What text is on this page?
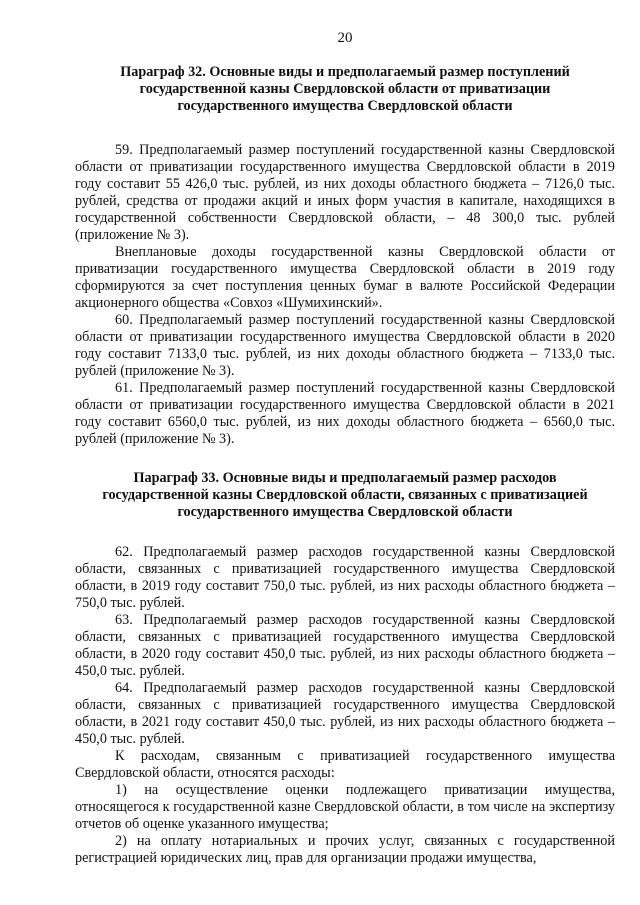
20
Параграф 32. Основные виды и предполагаемый размер поступлений государственной казны Свердловской области от приватизации государственного имущества Свердловской области

59. Предполагаемый размер поступлений государственной казны Свердловской области от приватизации государственного имущества Свердловской области в 2019 году составит 55 426,0 тыс. рублей, из них доходы областного бюджета – 7126,0 тыс. рублей, средства от продажи акций и иных форм участия в капитале, находящихся в государственной собственности Свердловской области, – 48 300,0 тыс. рублей (приложение № 3).

Внеплановые доходы государственной казны Свердловской области от приватизации государственного имущества Свердловской области в 2019 году сформируются за счет поступления ценных бумаг в валюте Российской Федерации акционерного общества «Совхоз «Шумихинский».

60. Предполагаемый размер поступлений государственной казны Свердловской области от приватизации государственного имущества Свердловской области в 2020 году составит 7133,0 тыс. рублей, из них доходы областного бюджета – 7133,0 тыс. рублей (приложение № 3).

61. Предполагаемый размер поступлений государственной казны Свердловской области от приватизации государственного имущества Свердловской области в 2021 году составит 6560,0 тыс. рублей, из них доходы областного бюджета – 6560,0 тыс. рублей (приложение № 3).

Параграф 33. Основные виды и предполагаемый размер расходов государственной казны Свердловской области, связанных с приватизацией государственного имущества Свердловской области

62. Предполагаемый размер расходов государственной казны Свердловской области, связанных с приватизацией государственного имущества Свердловской области, в 2019 году составит 750,0 тыс. рублей, из них расходы областного бюджета – 750,0 тыс. рублей.

63. Предполагаемый размер расходов государственной казны Свердловской области, связанных с приватизацией государственного имущества Свердловской области, в 2020 году составит 450,0 тыс. рублей, из них расходы областного бюджета – 450,0 тыс. рублей.

64. Предполагаемый размер расходов государственной казны Свердловской области, связанных с приватизацией государственного имущества Свердловской области, в 2021 году составит 450,0 тыс. рублей, из них расходы областного бюджета – 450,0 тыс. рублей.

К расходам, связанным с приватизацией государственного имущества Свердловской области, относятся расходы:

1) на осуществление оценки подлежащего приватизации имущества, относящегося к государственной казне Свердловской области, в том числе на экспертизу отчетов об оценке указанного имущества;

2) на оплату нотариальных и прочих услуг, связанных с государственной регистрацией юридических лиц, прав для организации продажи имущества,
